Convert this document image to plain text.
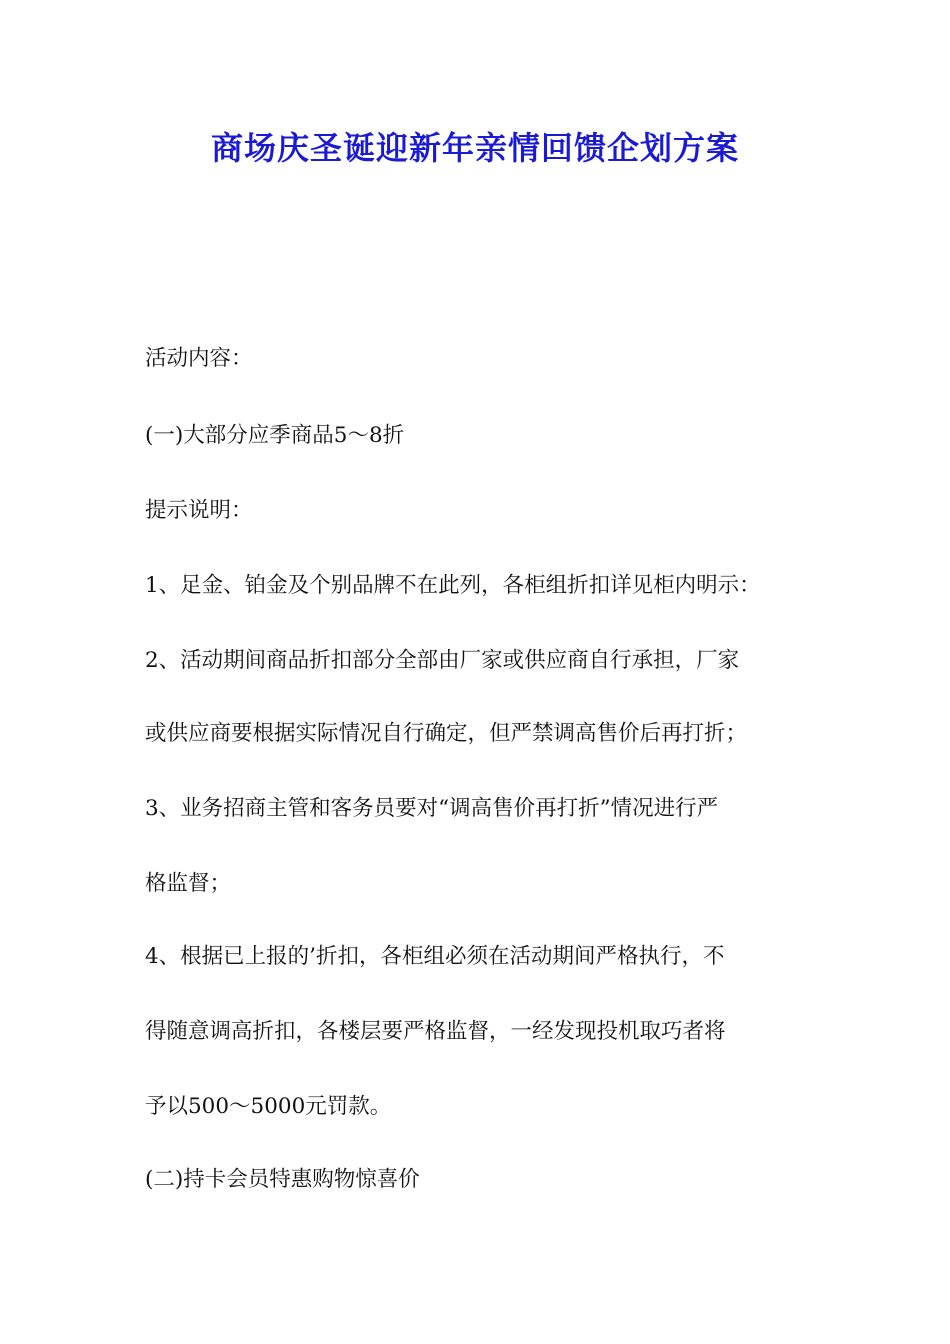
商场庆圣诞迎新年亲情回馈企划方案
活动内容：
(一)大部分应季商品5～8折
提示说明：
1、足金、铂金及个别品牌不在此列，各柜组折扣详见柜内明示：
2、活动期间商品折扣部分全部由厂家或供应商自行承担，厂家
或供应商要根据实际情况自行确定，但严禁调高售价后再打折；
3、业务招商主管和客务员要对“调高售价再打折”情况进行严
格监督；
4、根据已上报的’折扣，各柜组必须在活动期间严格执行，不
得随意调高折扣，各楼层要严格监督，一经发现投机取巧者将
予以500～5000元罚款。
(二)持卡会员特惠购物惊喜价
